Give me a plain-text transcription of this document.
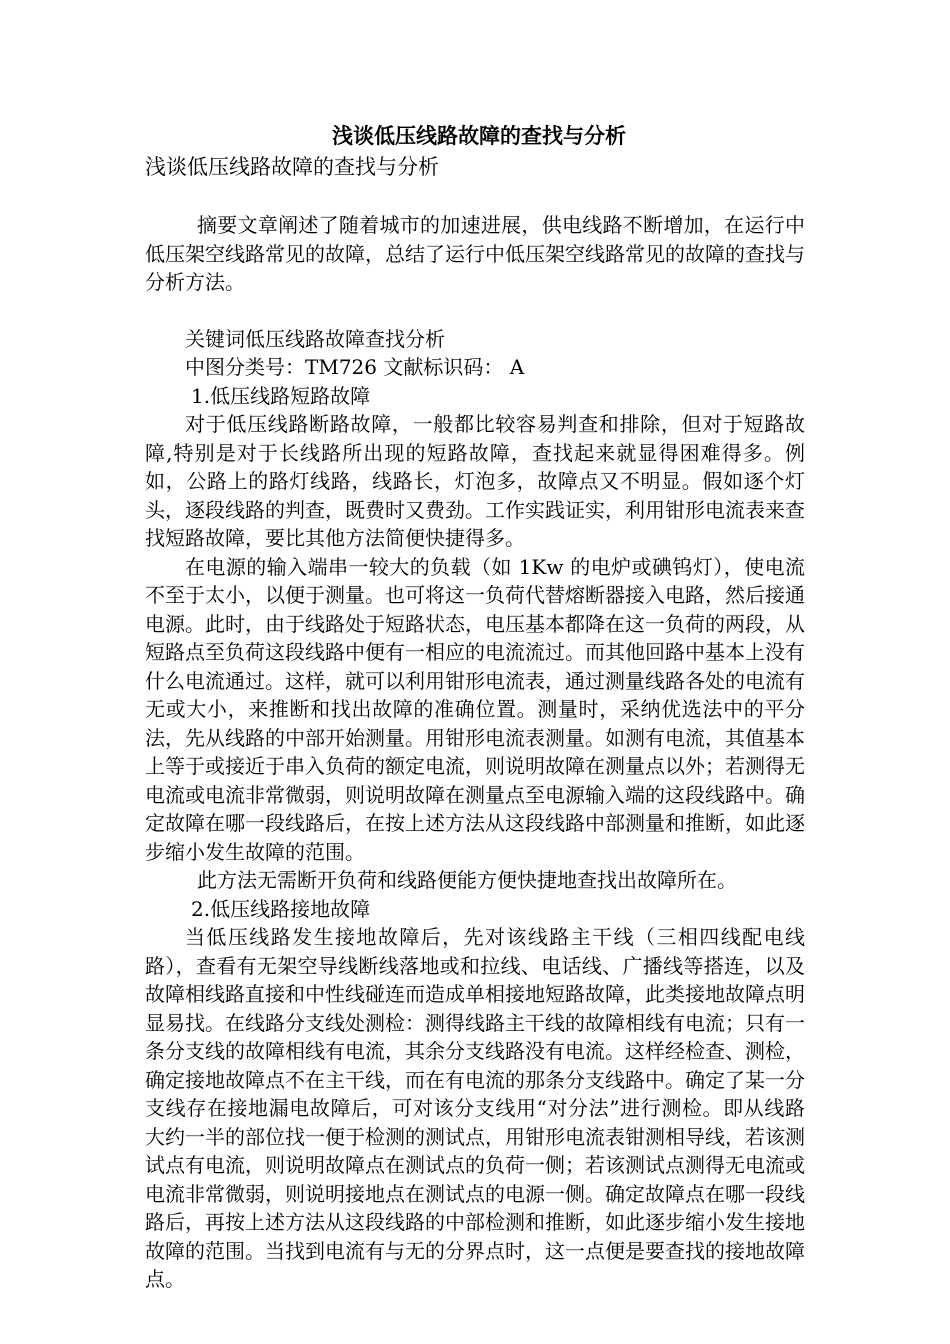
浅谈低压线路故障的查找与分析

浅谈低压线路故障的查找与分析

摘要文章阐述了随着城市的加速进展，供电线路不断增加，在运行中低压架空线路常见的故障，总结了运行中低压架空线路常见的故障的查找与分析方法。

关键词低压线路故障查找分析

中图分类号：TM726 文献标识码： A

1.低压线路短路故障

对于低压线路断路故障，一般都比较容易判查和排除，但对于短路故障,特别是对于长线路所出现的短路故障，查找起来就显得困难得多。例如，公路上的路灯线路，线路长，灯泡多，故障点又不明显。假如逐个灯头，逐段线路的判查，既费时又费劲。工作实践证实，利用钳形电流表来查找短路故障，要比其他方法简便快捷得多。

在电源的输入端串一较大的负载（如 1Kw 的电炉或碘钨灯），使电流不至于太小，以便于测量。也可将这一负荷代替熔断器接入电路，然后接通电源。此时，由于线路处于短路状态，电压基本都降在这一负荷的两段，从短路点至负荷这段线路中便有一相应的电流流过。而其他回路中基本上没有什么电流通过。这样，就可以利用钳形电流表，通过测量线路各处的电流有无或大小，来推断和找出故障的准确位置。测量时，采纳优选法中的平分法，先从线路的中部开始测量。用钳形电流表测量。如测有电流，其值基本上等于或接近于串入负荷的额定电流，则说明故障在测量点以外；若测得无电流或电流非常微弱，则说明故障在测量点至电源输入端的这段线路中。确定故障在哪一段线路后，在按上述方法从这段线路中部测量和推断，如此逐步缩小发生故障的范围。

此方法无需断开负荷和线路便能方便快捷地查找出故障所在。

2.低压线路接地故障

当低压线路发生接地故障后，先对该线路主干线（三相四线配电线路），查看有无架空导线断线落地或和拉线、电话线、广播线等搭连，以及故障相线路直接和中性线碰连而造成单相接地短路故障，此类接地故障点明显易找。在线路分支线处测检：测得线路主干线的故障相线有电流；只有一条分支线的故障相线有电流，其余分支线路没有电流。这样经检查、测检，确定接地故障点不在主干线，而在有电流的那条分支线路中。确定了某一分支线存在接地漏电故障后，可对该分支线用“对分法”进行测检。即从线路大约一半的部位找一便于检测的测试点，用钳形电流表钳测相导线，若该测试点有电流，则说明故障点在测试点的负荷一侧；若该测试点测得无电流或电流非常微弱，则说明接地点在测试点的电源一侧。确定故障点在哪一段线路后，再按上述方法从这段线路的中部检测和推断，如此逐步缩小发生接地故障的范围。当找到电流有与无的分界点时，这一点便是要查找的接地故障点。
